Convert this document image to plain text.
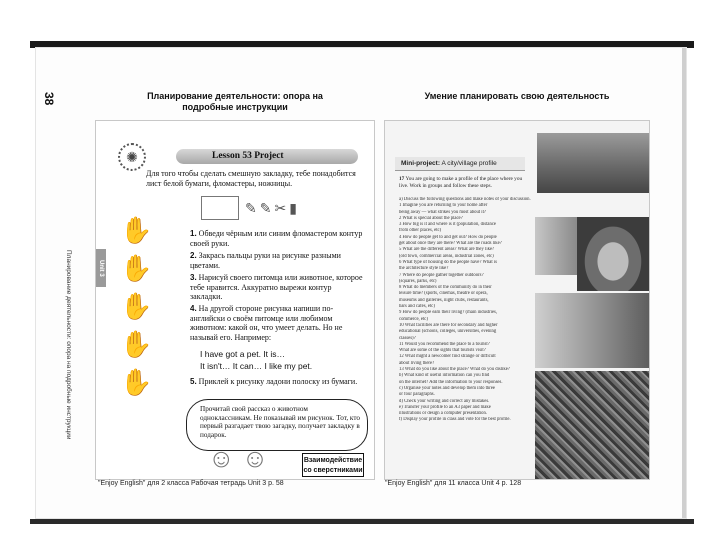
38
Планирование деятельности: опора на подробные инструкции
Планирование деятельности: опора на подробные инструкции
Умение планировать свою деятельность
✺	Lesson 53 Project
Для того чтобы сделать смешную закладку, тебе понадобится лист белой бумаги, фломастеры, ножницы.
✎✎✂▮
Unit 3
✋
✋
✋
✋
✋
1. Обведи чёрным или синим фломастером контур своей руки.
2. Закрась пальцы руки на рисунке разными цветами.
3. Нарисуй своего питомца или животное, которое тебе нравится. Аккуратно вырежи контур закладки.
4. На другой стороне рисунка напиши по-английски о своём питомце или любимом животном: какой он, что умеет делать. Но не называй его. Например:
I have got a pet. It is…
It isn't… It can… I like my pet.
5. Приклей к рисунку ладони полоску из бумаги.
Прочитай свой рассказ о животном одноклассникам. Не показывай им рисунок. Тот, кто первый разгадает твою загадку, получает закладку в подарок.
☺ ☺	Взаимодействие со сверстниками
Mini-project: A city/village profile
17 You are going to make a profile of the place where you live. Work in groups and follow these steps.
a) Discuss the following questions and make notes of your discussion.
1 Imagine you are returning to your home after
being away — what strikes you most about it?
2 What is special about the place?
3 How big is it and where is it (population, distance
from other places, etc)
4 How do people get to and get out? How do people
get about once they are there? What are the roads like?
5 What are the different areas? What are they like?
(old town, commercial areas, industrial zones, etc)
6 What type of housing do the people have? What is
the architecture style like?
7 Where do people gather together outdoors?
(squares, parks, etc)
8 What do members of the community do in their
leisure time? (sports, cinemas, theatre or opera,
museums and galleries, night clubs, restaurants,
bars and cafés, etc)
9 How do people earn their living? (main industries,
commerce, etc)
10 What facilities are there for secondary and higher
educational (schools, colleges, universities, evening
classes)?
11 Would you recommend the place to a tourist?
What are some of the sights that tourists visit?
12 What might a newcomer find strange or difficult
about living there?
13 What do you like about the place? What do you dislike?
b) What kind of useful information can you find
on the internet? Add the information to your responses.
c) Organise your notes and develop them into three
or four paragraphs.
d) Check your writing and correct any mistakes.
e) Transfer your profile to an A3 paper and make
illustrations or design a computer presentation.
f) Display your profile in class and vote for the best profile.
"Enjoy English" для 2 класса Рабочая тетрадь Unit 3 p. 58	"Enjoy English" для 11 класса Unit 4 p. 128
